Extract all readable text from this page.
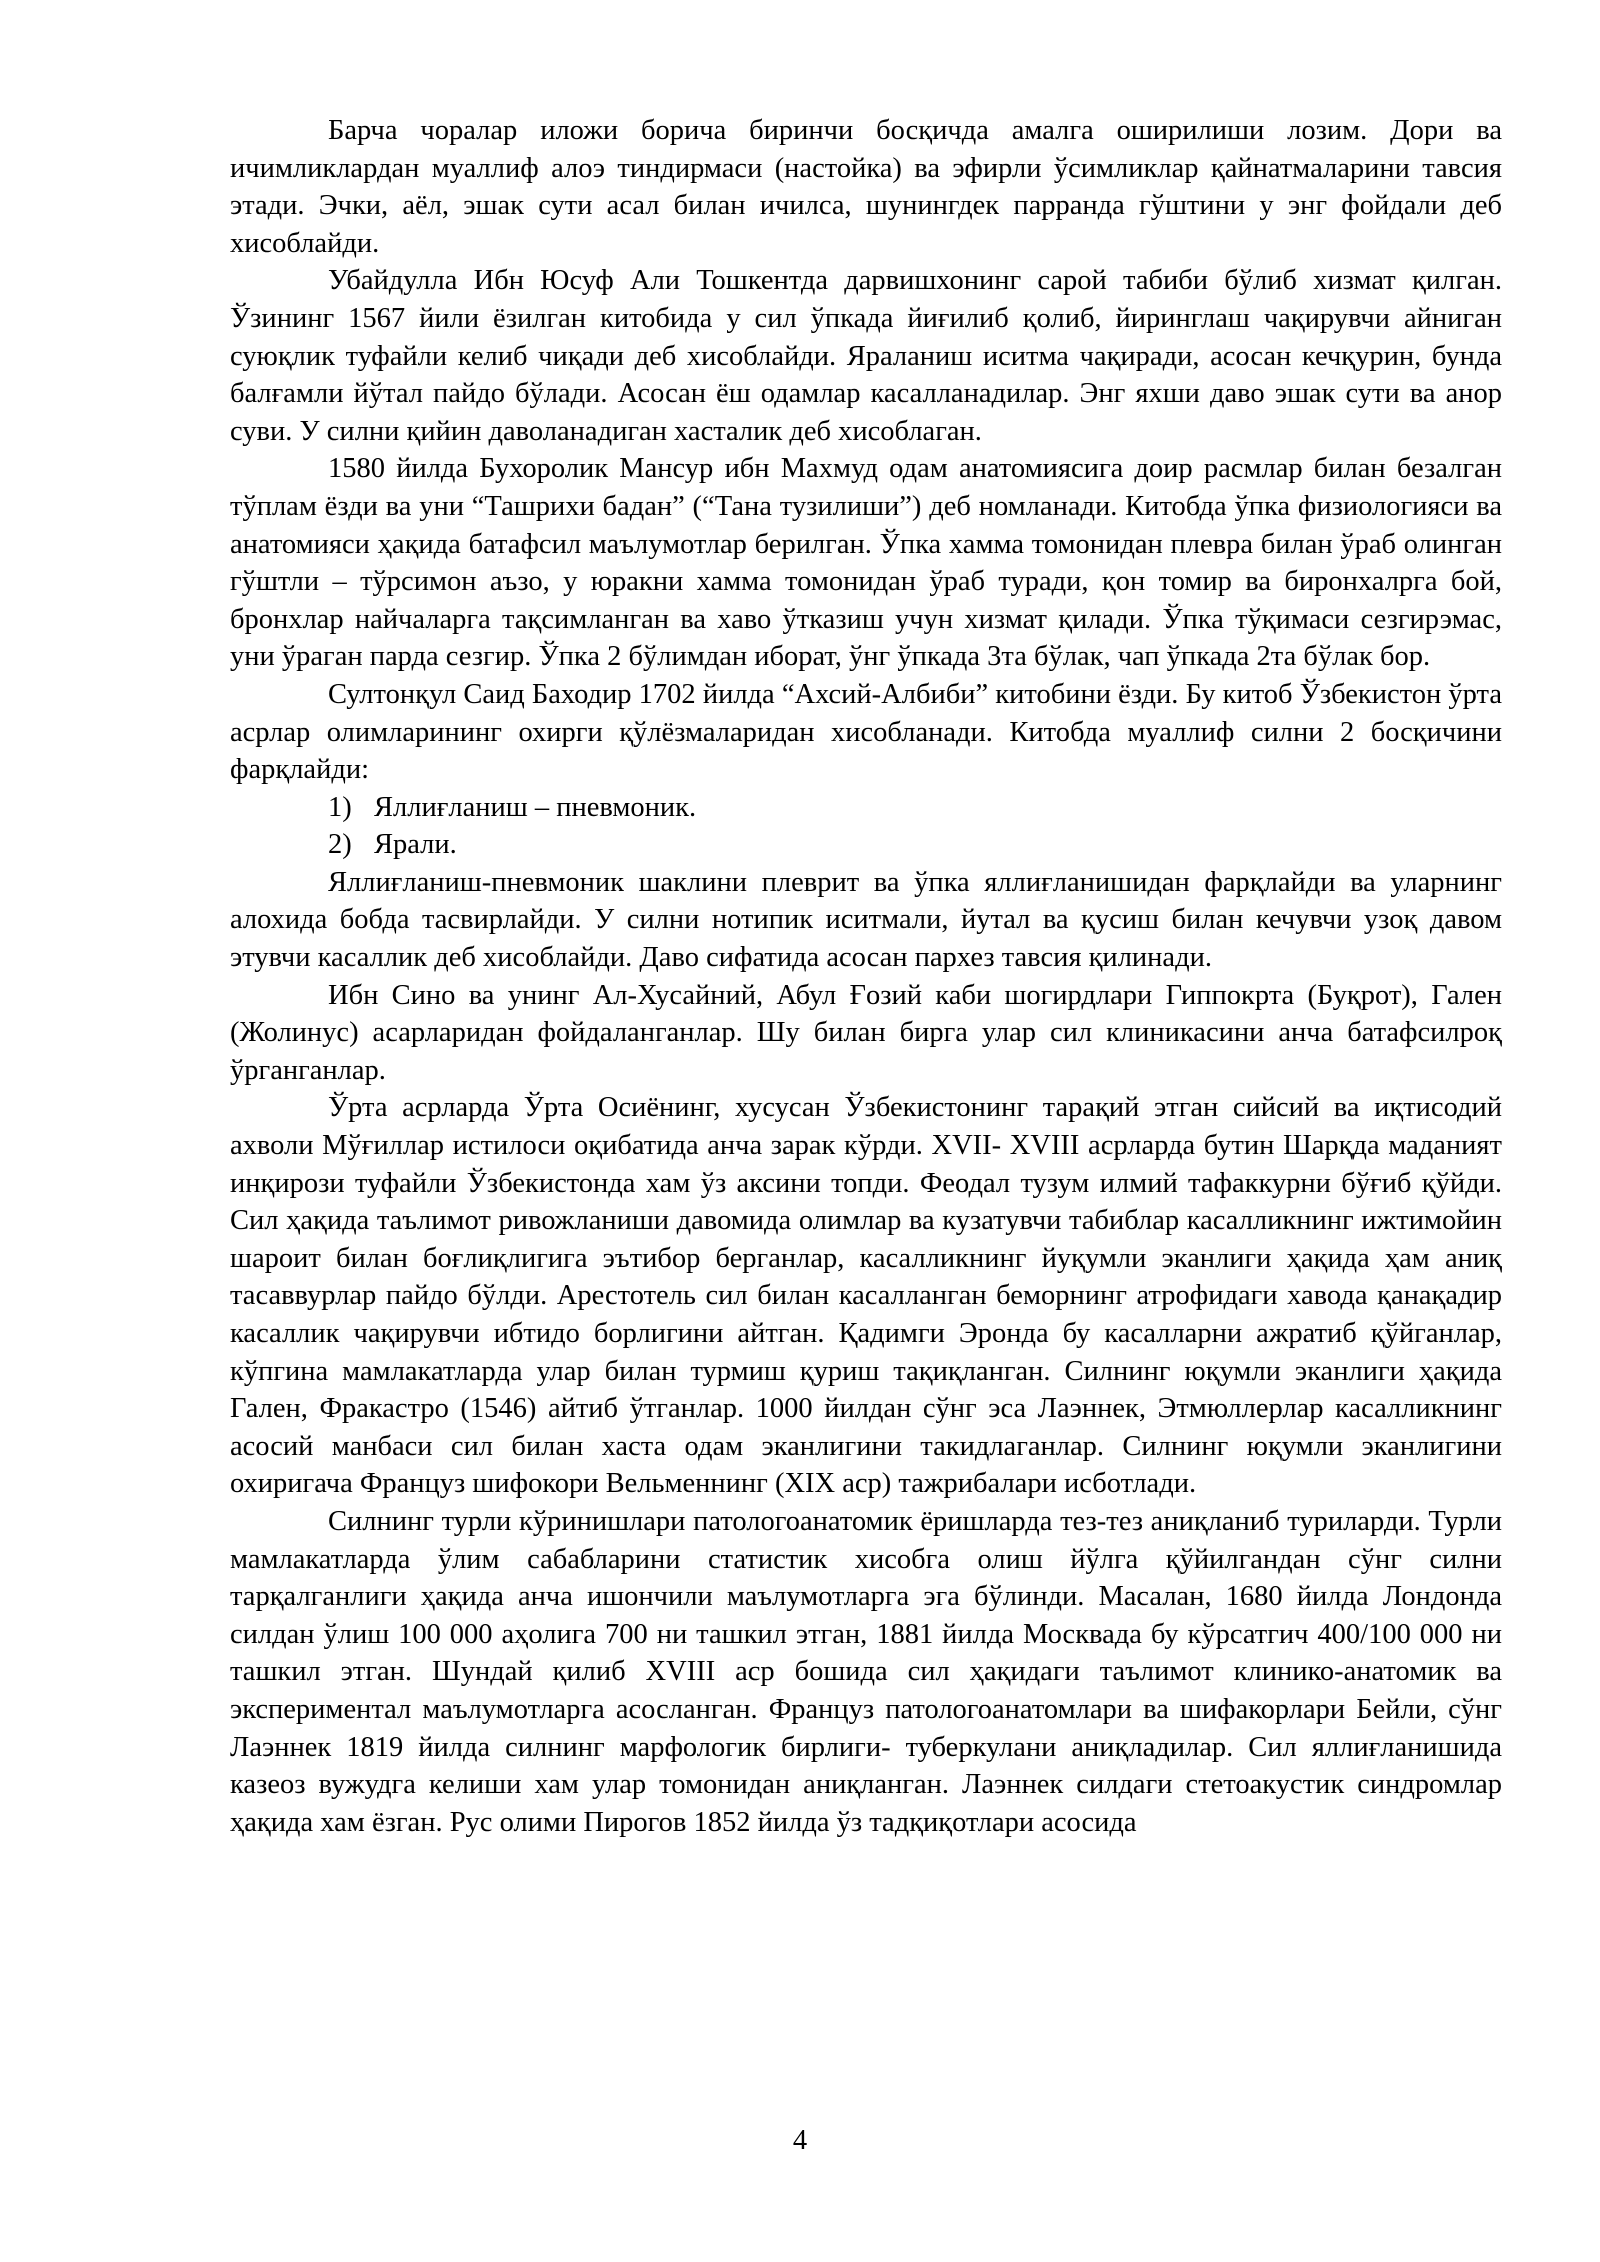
Барча чоралар иложи борича биринчи босқичда амалга оширилиши лозим. Дори ва ичимликлардан муаллиф алоэ тиндирмаси (настойка) ва эфирли ўсимликлар қайнатмаларини тавсия этади. Эчки, аёл, эшак сути асал билан ичилса, шунингдек парранда гўштини у энг фойдали деб хисоблайди.

Убайдулла Ибн Юсуф Али Тошкентда дарвишхонинг сарой табиби бўлиб хизмат қилган. Ўзининг 1567 йили ёзилган китобида у сил ўпкада йиғилиб қолиб, йиринглаш чақирувчи айниган суюқлик туфайли келиб чиқади деб хисоблайди. Яраланиш иситма чақиради, асосан кечқурин, бунда балғамли йўтал пайдо бўлади. Асосан ёш одамлар касалланадилар. Энг яхши даво эшак сути ва анор суви. У силни қийин даволанадиган хасталик деб хисоблаган.

1580 йилда Бухоролик Мансур ибн Махмуд одам анатомиясига доир расмлар билан безалган тўплам ёзди ва уни “Ташрихи бадан” (“Тана тузилиши”) деб номланади. Китобда ўпка физиологияси ва анатомияси ҳақида батафсил маълумотлар берилган. Ўпка хамма томонидан плевра билан ўраб олинган гўштли – тўрсимон аъзо, у юракни хамма томонидан ўраб туради, қон томир ва биронхалрга бой, бронхлар найчаларга тақсимланган ва хаво ўтказиш учун хизмат қилади. Ўпка тўқимаси сезгирэмас, уни ўраган парда сезгир. Ўпка 2 бўлимдан иборат, ўнг ўпкада 3та бўлак, чап ўпкада 2та бўлак бор.

Султонқул Саид Баходир 1702 йилда “Ахсий-Албиби” китобини ёзди. Бу китоб Ўзбекистон ўрта асрлар олимларининг охирги қўлёзмаларидан хисобланади. Китобда муаллиф силни 2 босқичини фарқлайди:

1) Яллиғланиш – пневмоник.
2) Ярали.

Яллиғланиш-пневмоник шаклини плеврит ва ўпка яллиғланишидан фарқлайди ва уларнинг алохида бобда тасвирлайди. У силни нотипик иситмали, йутал ва қусиш билан кечувчи узоқ давом этувчи касаллик деб хисоблайди. Даво сифатида асосан пархез тавсия қилинади.

Ибн Сино ва унинг Ал-Хусайний, Абул Ғозий каби шогирдлари Гиппокрта (Буқрот), Гален (Жолинус) асарларидан фойдаланганлар. Шу билан бирга улар сил клиникасини анча батафсилроқ ўрганганлар.

Ўрта асрларда Ўрта Осиёнинг, хусусан Ўзбекистонинг тарақий этган сийсий ва иқтисодий ахволи Мўғиллар истилоси оқибатида анча зарак кўрди. XVII- XVIII асрларда бутин Шарқда маданият инқирози туфайли Ўзбекистонда хам ўз аксини топди. Феодал тузум илмий тафаккурни бўғиб қўйди. Сил ҳақида таълимот ривожланиши давомида олимлар ва кузатувчи табиблар касалликнинг ижтимойин шароит билан боғлиқлигига эътибор берганлар, касалликнинг йуқумли эканлиги ҳақида ҳам аниқ тасаввурлар пайдо бўлди. Арестотель сил билан касалланган беморнинг атрофидаги хавода қанақадир касаллик чақирувчи ибтидо борлигини айтган. Қадимги Эронда бу касалларни ажратиб қўйганлар, кўпгина мамлакатларда улар билан турмиш қуриш тақиқланган. Силнинг юқумли эканлиги ҳақида Гален, Фракастро (1546) айтиб ўтганлар. 1000 йилдан сўнг эса Лаэннек, Этмюллерлар касалликнинг асосий манбаси сил билан хаста одам эканлигини такидлаганлар. Силнинг юқумли эканлигини охиригача Француз шифокори Вельменнинг (XIX аср) тажрибалари исботлади.

Силнинг турли кўринишлари патологоанатомик ёришларда тез-тез аниқланиб туриларди. Турли мамлакатларда ўлим сабабларини статистик хисобга олиш йўлга қўйилгандан сўнг силни тарқалганлиги ҳақида анча ишончили маълумотларга эга бўлинди. Масалан, 1680 йилда Лондонда силдан ўлиш 100 000 аҳолига 700 ни ташкил этган, 1881 йилда Москвада бу кўрсатгич 400/100 000 ни ташкил этган. Шундай қилиб XVIII аср бошида сил ҳақидаги таълимот клинико-анатомик ва экспериментал маълумотларга асосланган. Француз патологоанатомлари ва шифакорлари Бейли, сўнг Лаэннек 1819 йилда силнинг марфологик бирлиги- туберкулани аниқладилар. Сил яллиғланишида казеоз вужудга келиши хам улар томонидан аниқланган. Лаэннек силдаги стетоакустик синдромлар ҳақида хам ёзган. Рус олими Пирогов 1852 йилда ўз тадқиқотлари асосида

4
